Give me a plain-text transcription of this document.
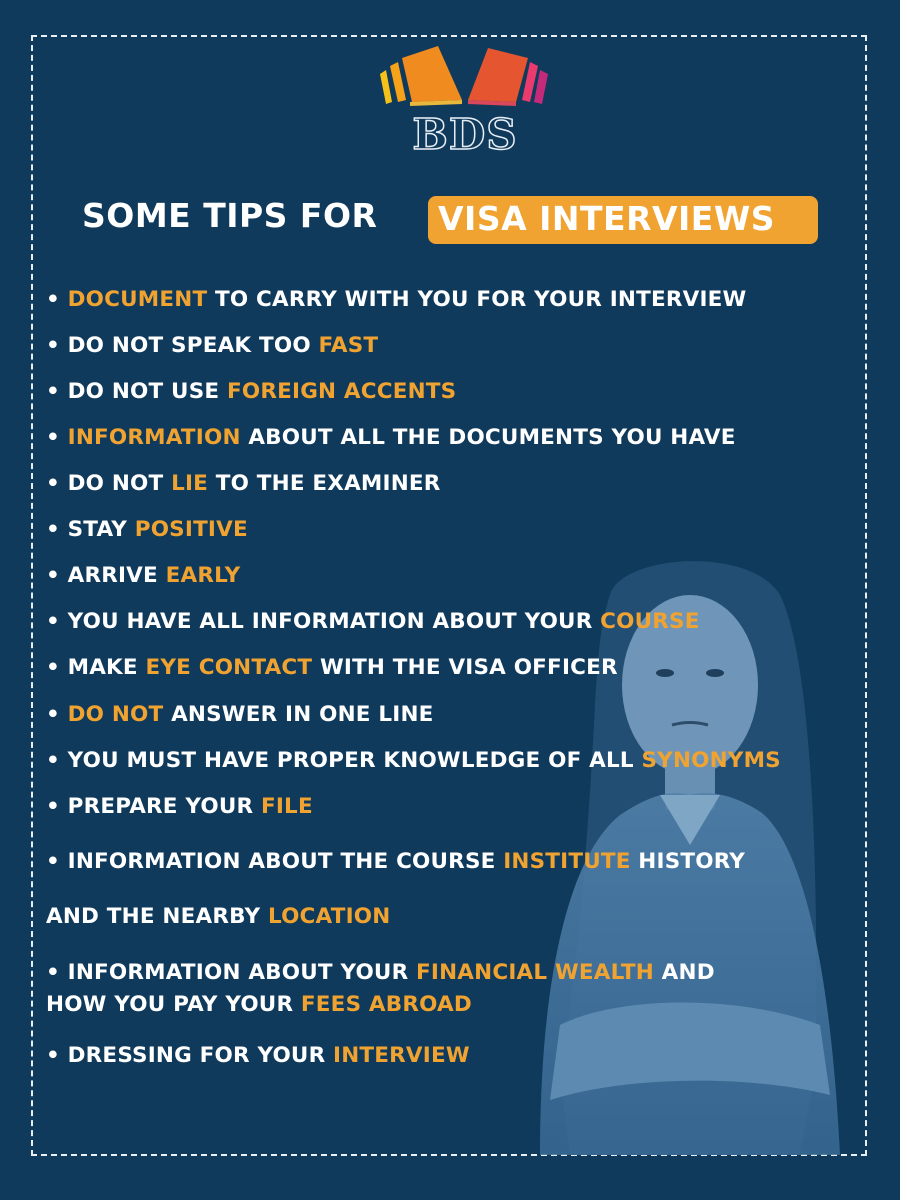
BDS
SOME TIPS FOR VISA INTERVIEWS
• DOCUMENT TO CARRY WITH YOU FOR YOUR INTERVIEW
• DO NOT SPEAK TOO FAST
• DO NOT USE FOREIGN ACCENTS
• INFORMATION ABOUT ALL THE DOCUMENTS YOU HAVE
• DO NOT LIE TO THE EXAMINER
• STAY POSITIVE
• ARRIVE EARLY
• YOU HAVE ALL INFORMATION ABOUT YOUR COURSE
• MAKE EYE CONTACT WITH THE VISA OFFICER
• DO NOT ANSWER IN ONE LINE
• YOU MUST HAVE PROPER KNOWLEDGE OF ALL SYNONYMS
• PREPARE YOUR FILE
• INFORMATION ABOUT THE COURSE INSTITUTE HISTORY
AND THE NEARBY LOCATION
• INFORMATION ABOUT YOUR FINANCIAL WEALTH AND
HOW YOU PAY YOUR FEES ABROAD
• DRESSING FOR YOUR INTERVIEW
